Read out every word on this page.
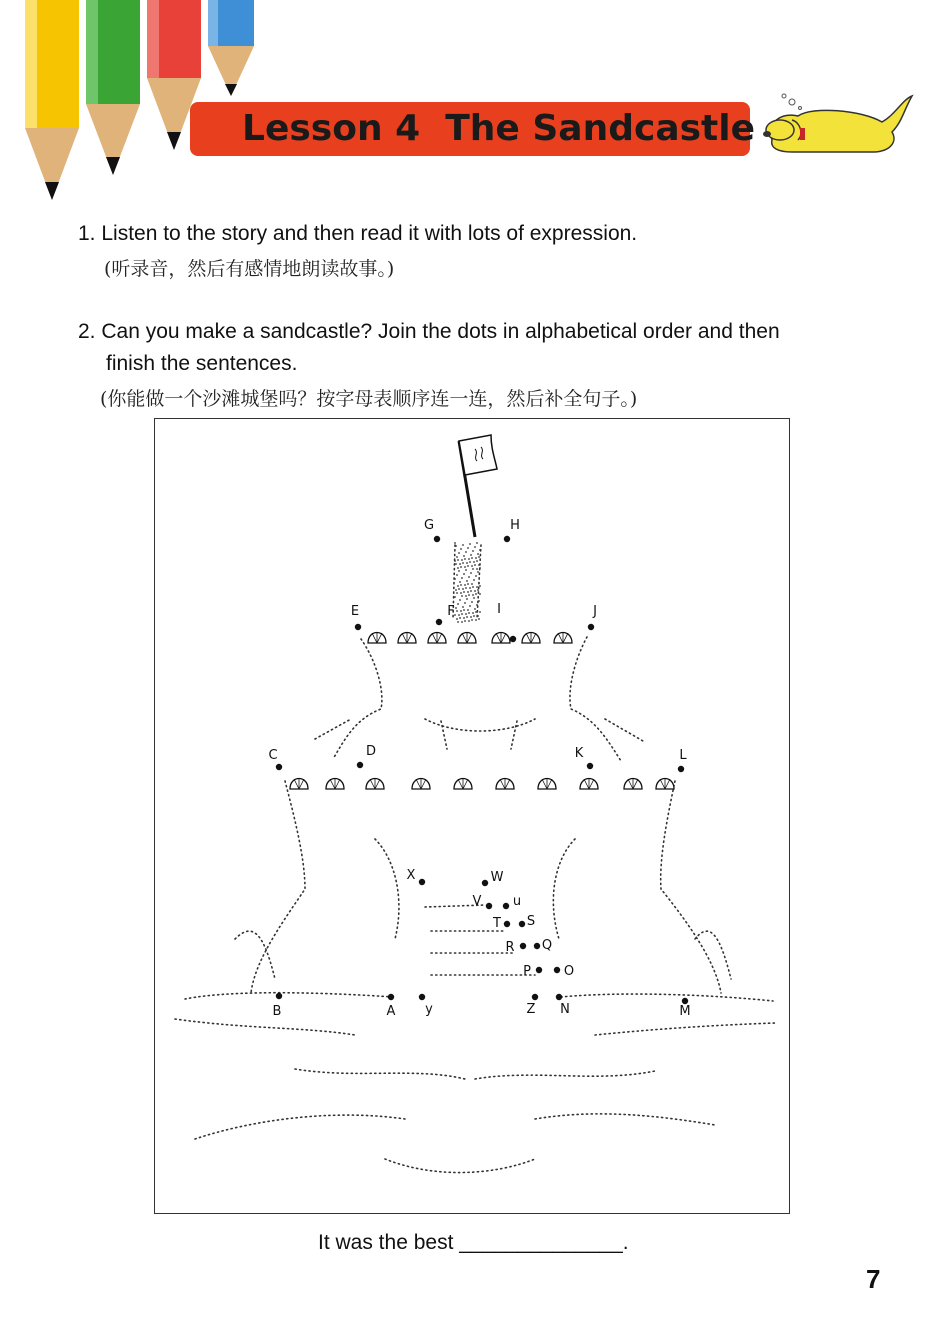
Lesson 4  The Sandcastle
1. Listen to the story and then read it with lots of expression.
(听录音，然后有感情地朗读故事。)
2. Can you make a sandcastle? Join the dots in alphabetical order and then
finish the sentences.
(你能做一个沙滩城堡吗？按字母表顺序连一连，然后补全句子。)
A
B
C	D
E	F
G	H
I	J
K	L
M
N
O
P
Q
R
S
T
u
V
W
X
y	Z
It was the best ______________.
7
